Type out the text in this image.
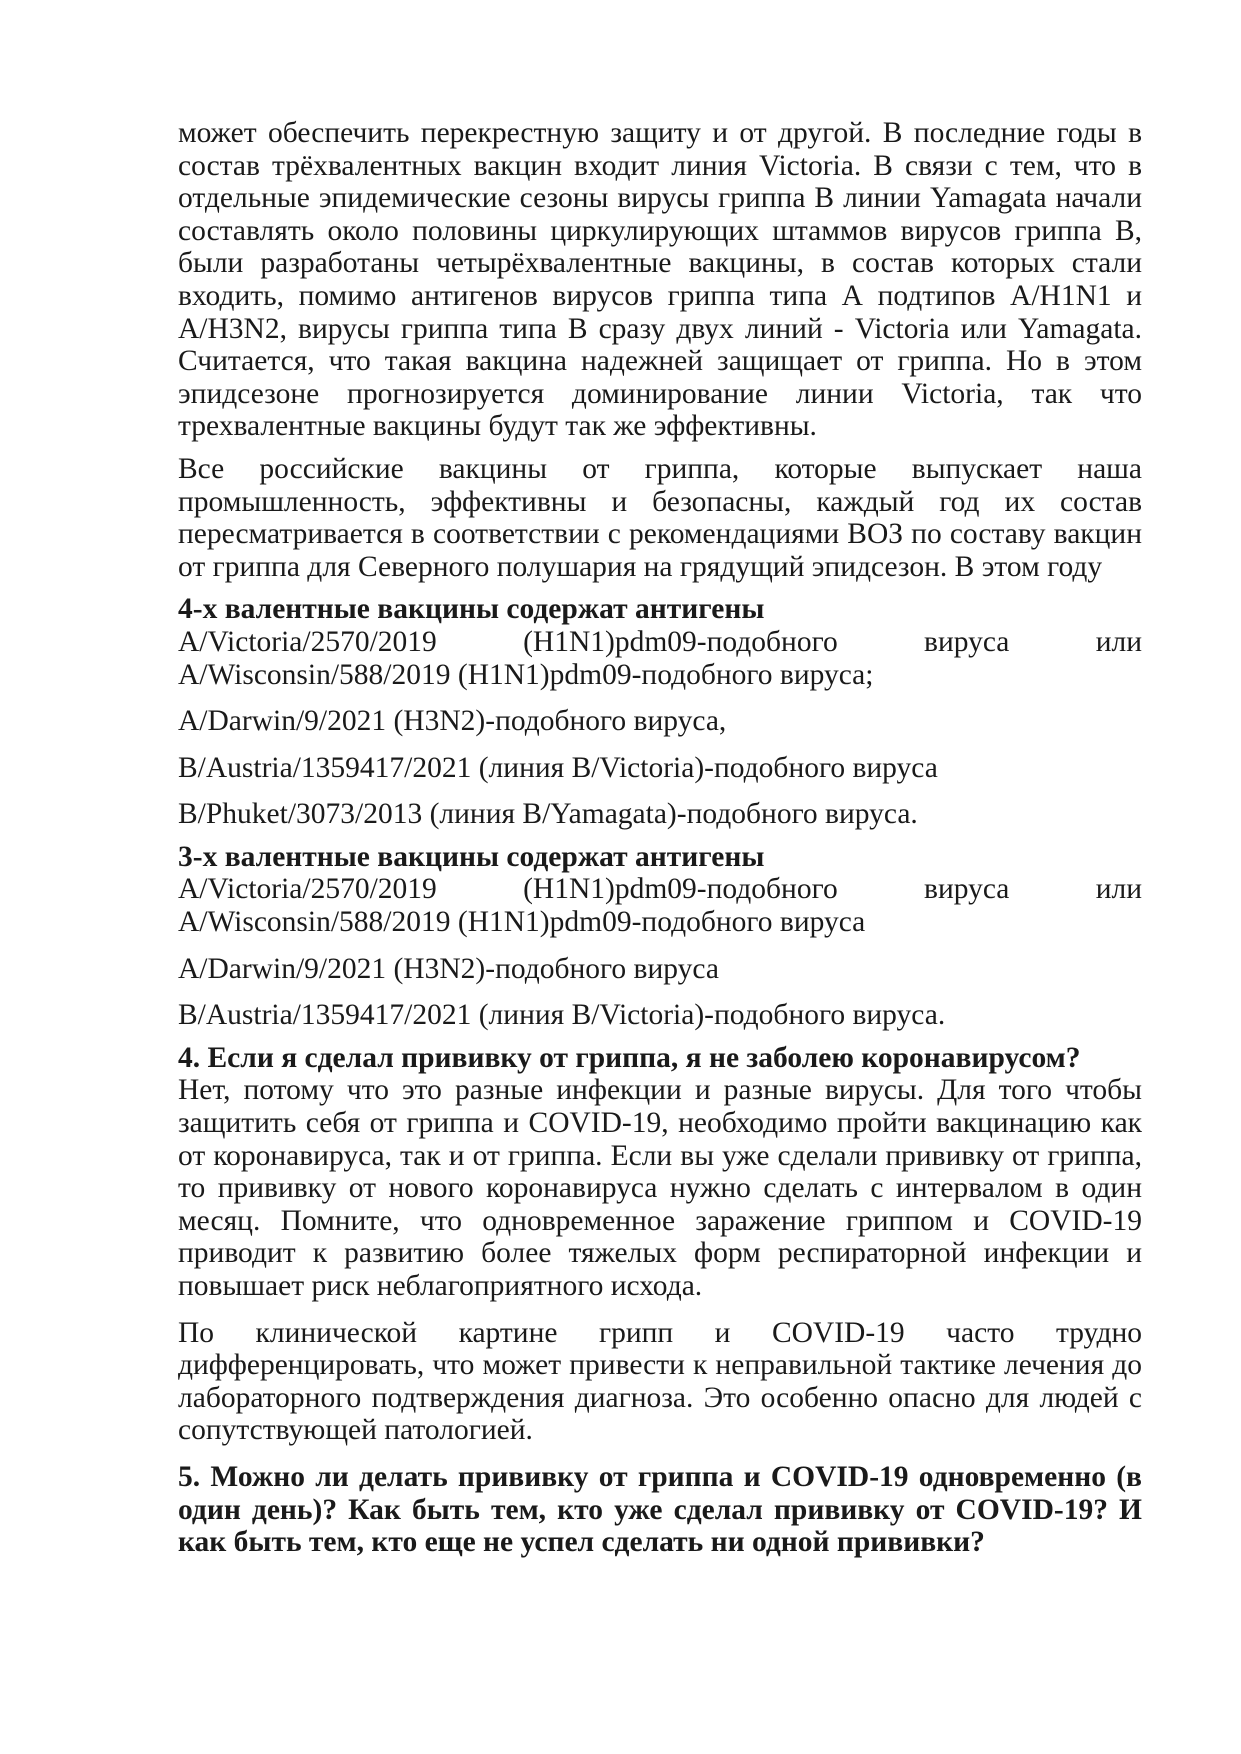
может обеспечить перекрестную защиту и от другой. В последние годы в состав трёхвалентных вакцин входит линия Victoria. В связи с тем, что в отдельные эпидемические сезоны вирусы гриппа В линии Yamagata начали составлять около половины циркулирующих штаммов вирусов гриппа В, были разработаны четырёхвалентные вакцины, в состав которых стали входить, помимо антигенов вирусов гриппа типа А подтипов A/H1N1 и A/H3N2, вирусы гриппа типа В сразу двух линий - Victoria или Yamagata. Считается, что такая вакцина надежней защищает от гриппа. Но в этом эпидсезоне прогнозируется доминирование линии Victoria, так что трехвалентные вакцины будут так же эффективны.

Все российские вакцины от гриппа, которые выпускает наша промышленность, эффективны и безопасны, каждый год их состав пересматривается в соответствии с рекомендациями ВОЗ по составу вакцин от гриппа для Северного полушария на грядущий эпидсезон. В этом году

4-х валентные вакцины содержат антигены

A/Victoria/2570/2019	(H1N1)pdm09-подобного	вируса	или

A/Wisconsin/588/2019 (H1N1)pdm09-подобного вируса;

A/Darwin/9/2021 (H3N2)-подобного вируса,

B/Austria/1359417/2021 (линия B/Victoria)-подобного вируса

B/Phuket/3073/2013 (линия B/Yamagata)-подобного вируса.

3-х валентные вакцины содержат антигены

A/Victoria/2570/2019	(H1N1)pdm09-подобного	вируса	или

A/Wisconsin/588/2019 (H1N1)pdm09-подобного вируса

A/Darwin/9/2021 (H3N2)-подобного вируса

B/Austria/1359417/2021 (линия B/Victoria)-подобного вируса.

4. Если я сделал прививку от гриппа, я не заболею коронавирусом?

Нет, потому что это разные инфекции и разные вирусы. Для того чтобы защитить себя от гриппа и COVID-19, необходимо пройти вакцинацию как от коронавируса, так и от гриппа. Если вы уже сделали прививку от гриппа, то прививку от нового коронавируса нужно сделать с интервалом в один месяц. Помните, что одновременное заражение гриппом и COVID-19 приводит к развитию более тяжелых форм респираторной инфекции и повышает риск неблагоприятного исхода.

По клинической картине грипп и COVID-19 часто трудно дифференцировать, что может привести к неправильной тактике лечения до лабораторного подтверждения диагноза. Это особенно опасно для людей с сопутствующей патологией.

5. Можно ли делать прививку от гриппа и COVID-19 одновременно (в один день)? Как быть тем, кто уже сделал прививку от COVID-19? И как быть тем, кто еще не успел сделать ни одной прививки?
